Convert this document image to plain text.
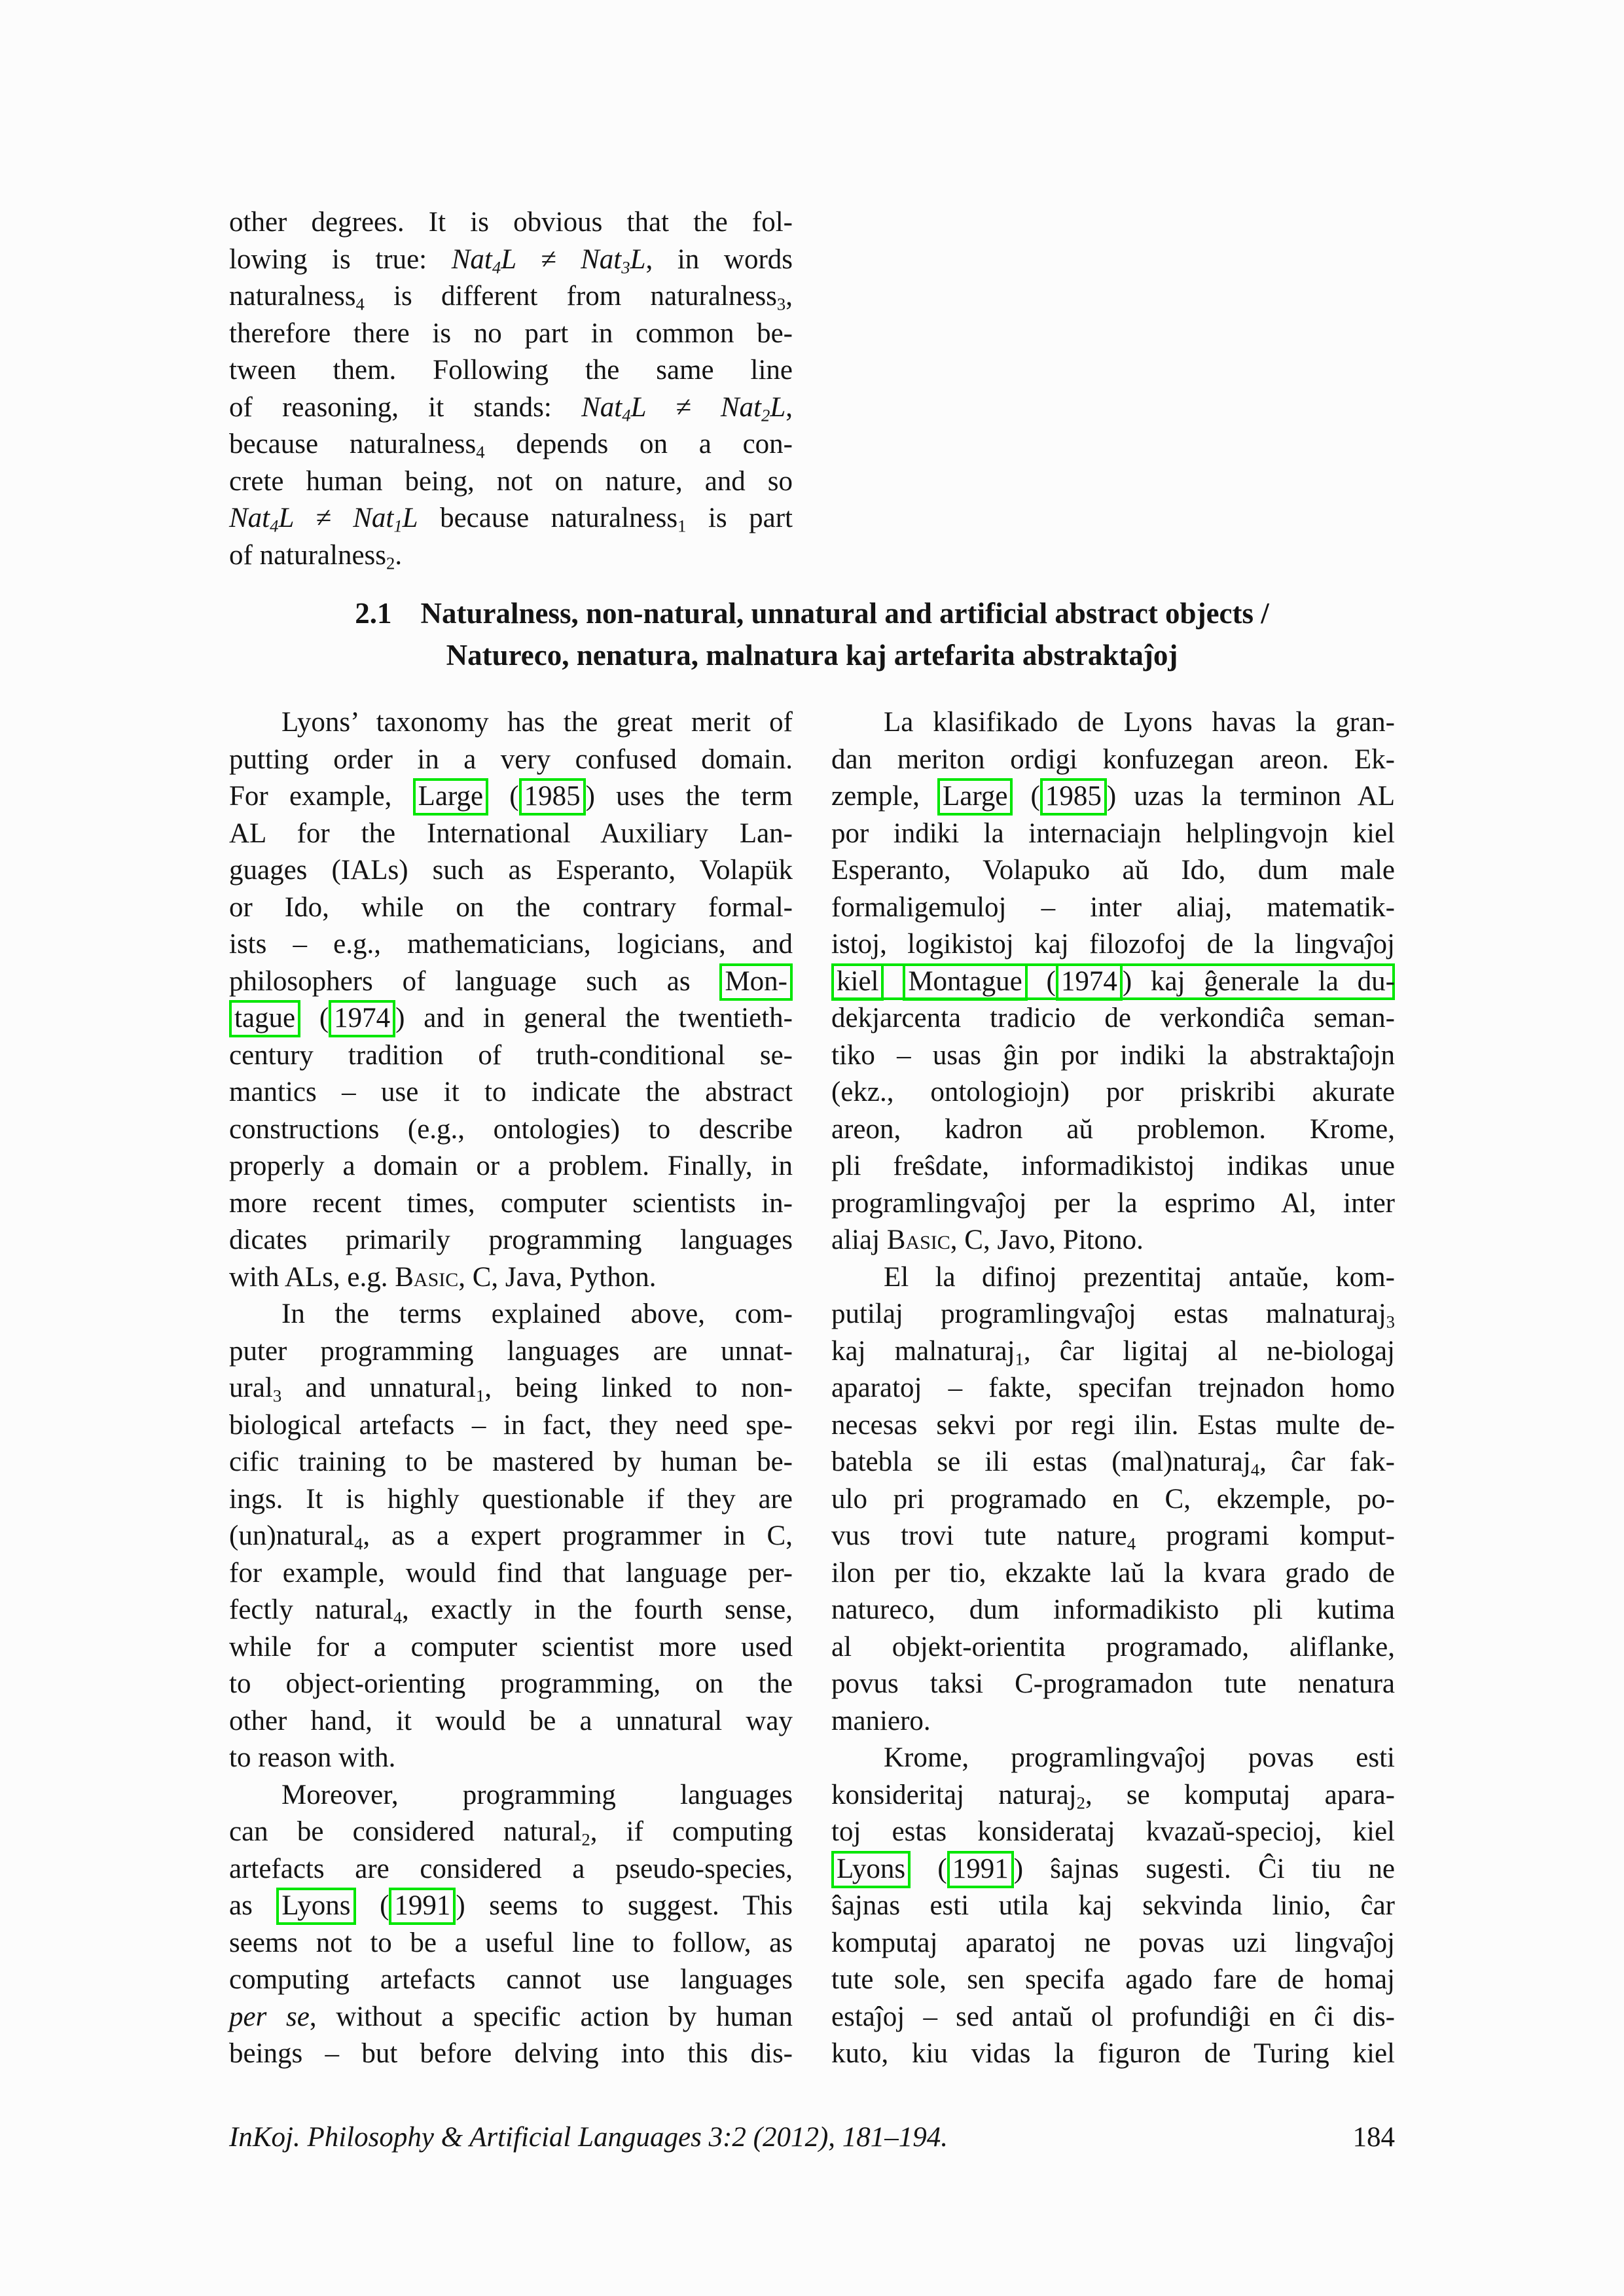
other degrees. It is obvious that the fol-
lowing is true: Nat$_4$L ≠ Nat$_3$L, in words
naturalness$_4$ is different from naturalness$_3$,
therefore there is no part in common be-
tween them. Following the same line
of reasoning, it stands: Nat$_4$L ≠ Nat$_2$L,
because naturalness$_4$ depends on a con-
crete human being, not on nature, and so
Nat$_4$L ≠ Nat$_1$L because naturalness$_1$ is part
of naturalness$_2$.
2.1 Naturalness, non-natural, unnatural and artificial abstract objects /
Natureco, nenatura, malnatura kaj artefarita abstraktaĵoj
Lyons’ taxonomy has the great merit of
putting order in a very confused domain.
For example, Large ( 1985 ) uses the term
AL for the International Auxiliary Lan-
guages (IALs) such as Esperanto, Volapük
or Ido, while on the contrary formal-
ists – e.g., mathematicians, logicians, and
philosophers of language such as Mon-
tague ( 1974 ) and in general the twentieth-
century tradition of truth-conditional se-
mantics – use it to indicate the abstract
constructions (e.g., ontologies) to describe
properly a domain or a problem. Finally, in
more recent times, computer scientists in-
dicates primarily programming languages
with ALs, e.g. Basic, C, Java, Python.
In the terms explained above, com-
puter programming languages are unnat-
ural$_3$ and unnatural$_1$, being linked to non-
biological artefacts – in fact, they need spe-
cific training to be mastered by human be-
ings. It is highly questionable if they are
(un)natural$_4$, as a expert programmer in C,
for example, would find that language per-
fectly natural$_4$, exactly in the fourth sense,
while for a computer scientist more used
to object-orienting programming, on the
other hand, it would be a unnatural way
to reason with.
Moreover, programming languages
can be considered natural$_2$, if computing
artefacts are considered a pseudo-species,
as Lyons ( 1991 ) seems to suggest. This
seems not to be a useful line to follow, as
computing artefacts cannot use languages
per se, without a specific action by human
beings – but before delving into this dis-
La klasifikado de Lyons havas la gran-
dan meriton ordigi konfuzegan areon. Ek-
zemple, Large ( 1985 ) uzas la terminon AL
por indiki la internaciajn helplingvojn kiel
Esperanto, Volapuko aŭ Ido, dum male
formaligemuloj – inter aliaj, matematik-
istoj, logikistoj kaj filozofoj de la lingvaĵoj
kiel Montague ( 1974 ) kaj ĝenerale la du-
dekjarcenta tradicio de verkondiĉa seman-
tiko – usas ĝin por indiki la abstraktaĵojn
(ekz., ontologiojn) por priskribi akurate
areon, kadron aŭ problemon. Krome,
pli freŝdate, informadikistoj indikas unue
programlingvaĵoj per la esprimo Al, inter
aliaj Basic, C, Javo, Pitono.
El la difinoj prezentitaj antaŭe, kom-
putilaj programlingvaĵoj estas malnaturaj$_3$
kaj malnaturaj$_1$, ĉar ligitaj al ne-biologaj
aparatoj – fakte, specifan trejnadon homo
necesas sekvi por regi ilin. Estas multe de-
batebla se ili estas (mal)naturaj$_4$, ĉar fak-
ulo pri programado en C, ekzemple, po-
vus trovi tute nature$_4$ programi komput-
ilon per tio, ekzakte laŭ la kvara grado de
natureco, dum informadikisto pli kutima
al objekt-orientita programado, aliflanke,
povus taksi C-programadon tute nenatura
maniero.
Krome, programlingvaĵoj povas esti
konsideritaj naturaj$_2$, se komputaj apara-
toj estas konsiderataj kvazaŭ-specioj, kiel
Lyons ( 1991 ) ŝajnas sugesti. Ĉi tiu ne
ŝajnas esti utila kaj sekvinda linio, ĉar
komputaj aparatoj ne povas uzi lingvaĵoj
tute sole, sen specifa agado fare de homaj
estaĵoj – sed antaŭ ol profundiĝi en ĉi dis-
kuto, kiu vidas la figuron de Turing kiel
InKoj. Philosophy & Artificial Languages 3:2 (2012), 181–194.	184
